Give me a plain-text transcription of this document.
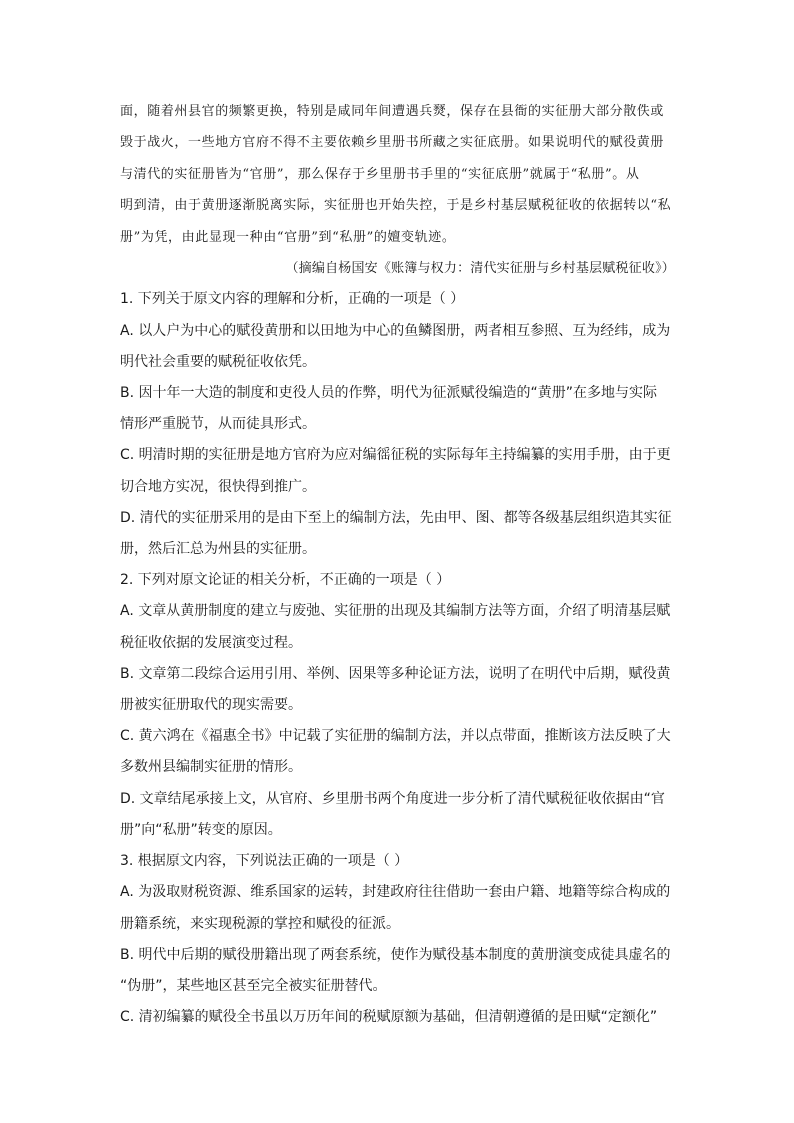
面，随着州县官的频繁更换，特别是咸同年间遭遇兵燹，保存在县衙的实征册大部分散佚或
毁于战火，一些地方官府不得不主要依赖乡里册书所藏之实征底册。如果说明代的赋役黄册
与清代的实征册皆为“官册”，那么保存于乡里册书手里的“实征底册”就属于“私册”。从
明到清，由于黄册逐渐脱离实际，实征册也开始失控，于是乡村基层赋税征收的依据转以“私
册”为凭，由此显现一种由“官册”到“私册”的嬗变轨迹。
（摘编自杨国安《账簿与权力：清代实征册与乡村基层赋税征收》）
1. 下列关于原文内容的理解和分析，正确的一项是（ ）
A. 以人户为中心的赋役黄册和以田地为中心的鱼鳞图册，两者相互参照、互为经纬，成为
明代社会重要的赋税征收依凭。
B. 因十年一大造的制度和吏役人员的作弊，明代为征派赋役编造的“黄册”在多地与实际
情形严重脱节，从而徒具形式。
C. 明清时期的实征册是地方官府为应对编徭征税的实际每年主持编纂的实用手册，由于更
切合地方实况，很快得到推广。
D. 清代的实征册采用的是由下至上的编制方法，先由甲、图、都等各级基层组织造其实征
册，然后汇总为州县的实征册。
2. 下列对原文论证的相关分析，不正确的一项是（ ）
A. 文章从黄册制度的建立与废弛、实征册的出现及其编制方法等方面，介绍了明清基层赋
税征收依据的发展演变过程。
B. 文章第二段综合运用引用、举例、因果等多种论证方法，说明了在明代中后期，赋役黄
册被实征册取代的现实需要。
C. 黄六鸿在《福惠全书》中记载了实征册的编制方法，并以点带面，推断该方法反映了大
多数州县编制实征册的情形。
D. 文章结尾承接上文，从官府、乡里册书两个角度进一步分析了清代赋税征收依据由“官
册”向“私册”转变的原因。
3. 根据原文内容，下列说法正确的一项是（ ）
A. 为汲取财税资源、维系国家的运转，封建政府往往借助一套由户籍、地籍等综合构成的
册籍系统，来实现税源的掌控和赋役的征派。
B. 明代中后期的赋役册籍出现了两套系统，使作为赋役基本制度的黄册演变成徒具虚名的
“伪册”，某些地区甚至完全被实征册替代。
C. 清初编纂的赋役全书虽以万历年间的税赋原额为基础，但清朝遵循的是田赋“定额化”
